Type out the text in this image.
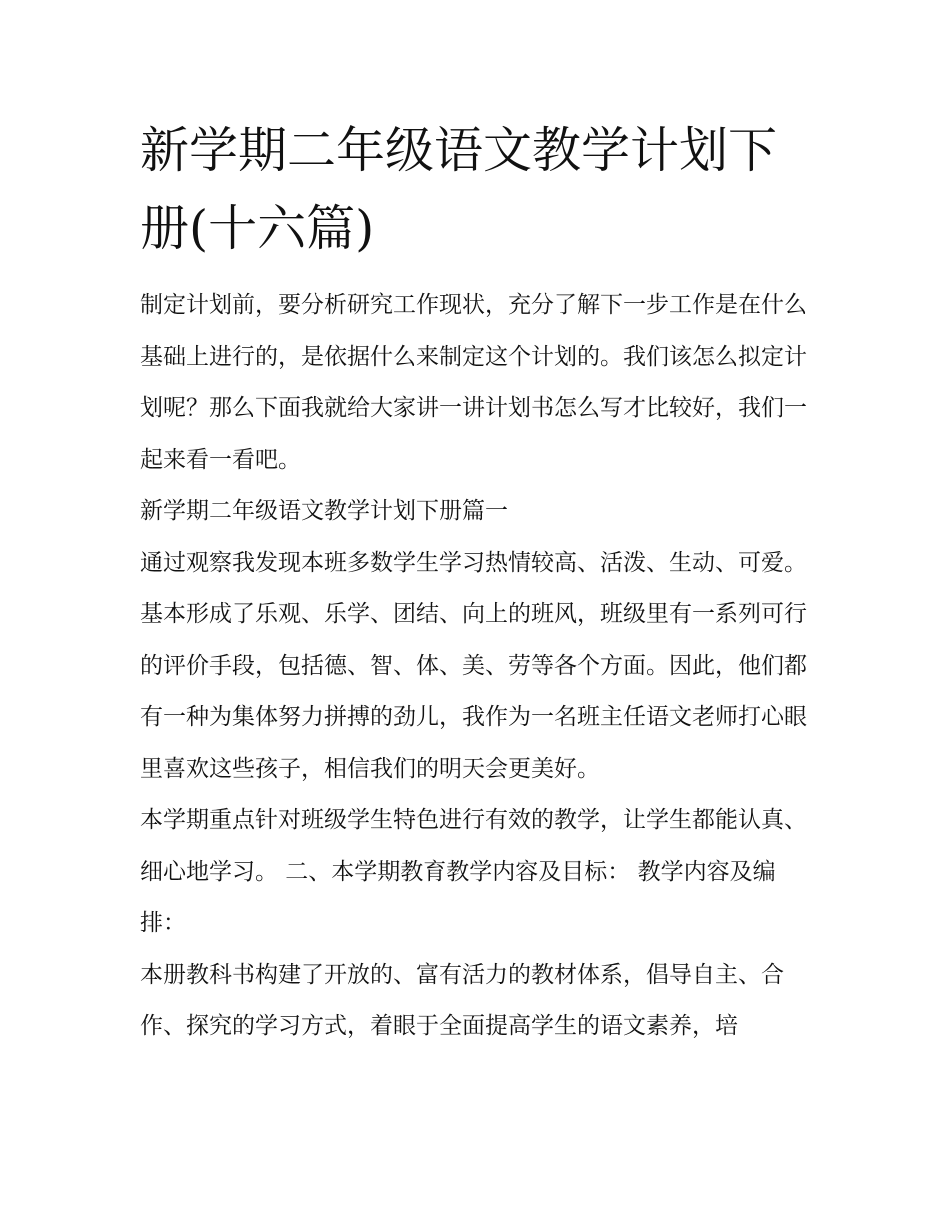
新学期二年级语文教学计划下册(十六篇)

制定计划前，要分析研究工作现状，充分了解下一步工作是在什么基础上进行的，是依据什么来制定这个计划的。我们该怎么拟定计划呢？那么下面我就给大家讲一讲计划书怎么写才比较好，我们一起来看一看吧。

新学期二年级语文教学计划下册篇一

通过观察我发现本班多数学生学习热情较高、活泼、生动、可爱。基本形成了乐观、乐学、团结、向上的班风，班级里有一系列可行的评价手段，包括德、智、体、美、劳等各个方面。因此，他们都有一种为集体努力拼搏的劲儿，我作为一名班主任语文老师打心眼里喜欢这些孩子，相信我们的明天会更美好。

本学期重点针对班级学生特色进行有效的教学，让学生都能认真、细心地学习。 二、本学期教育教学内容及目标： 教学内容及编排：

本册教科书构建了开放的、富有活力的教材体系，倡导自主、合作、探究的学习方式，着眼于全面提高学生的语文素养，培
